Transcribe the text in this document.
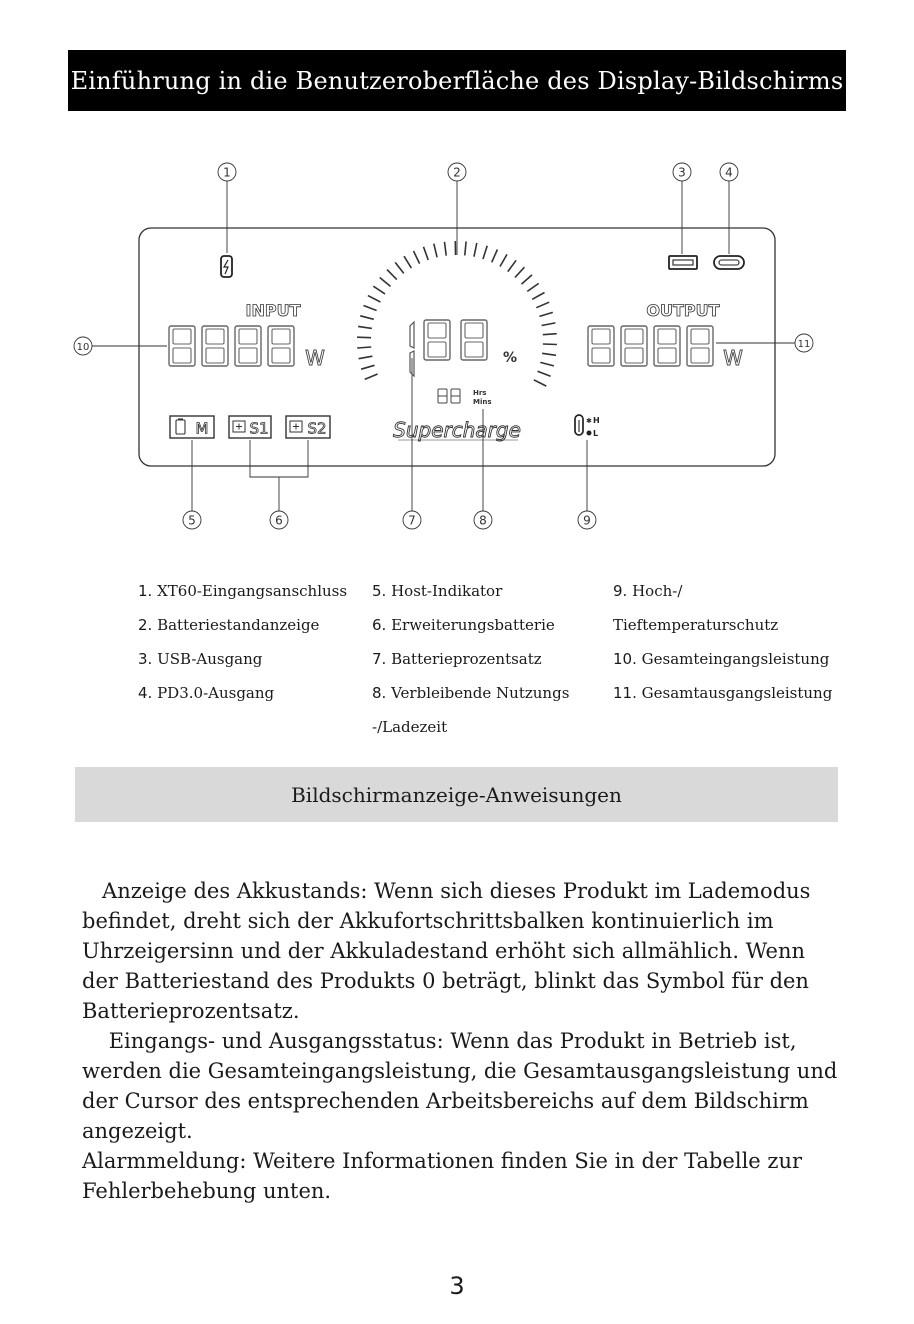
Einführung in die Benutzeroberfläche des Display-Bildschirms
1	2	3	4
10	11
5	6	7	8	9
INPUT
W
OUTPUT
W
%
Hrs
Mins
Supercharge
M	S1	S2	✱ H
L
1. XT60-Eingangsanschluss
2. Batteriestandanzeige
3. USB-Ausgang
4. PD3.0-Ausgang
5. Host-Indikator
6. Erweiterungsbatterie
7. Batterieprozentsatz
8. Verbleibende Nutzungs
-/Ladezeit
9. Hoch-/
Tieftemperaturschutz
10. Gesamteingangsleistung
11. Gesamtausgangsleistung
Bildschirmanzeige-Anweisungen

Anzeige des Akkustands: Wenn sich dieses Produkt im Lademodus befindet, dreht sich der Akkufortschrittsbalken kontinuierlich im Uhrzeigersinn und der Akkuladestand erhöht sich allmählich. Wenn der Batteriestand des Produkts 0 beträgt, blinkt das Symbol für den Batterieprozentsatz.

Eingangs- und Ausgangsstatus: Wenn das Produkt in Betrieb ist, werden die Gesamteingangsleistung, die Gesamtausgangsleistung und der Cursor des entsprechenden Arbeitsbereichs auf dem Bildschirm angezeigt.

Alarmmeldung: Weitere Informationen finden Sie in der Tabelle zur Fehlerbehebung unten.

3
